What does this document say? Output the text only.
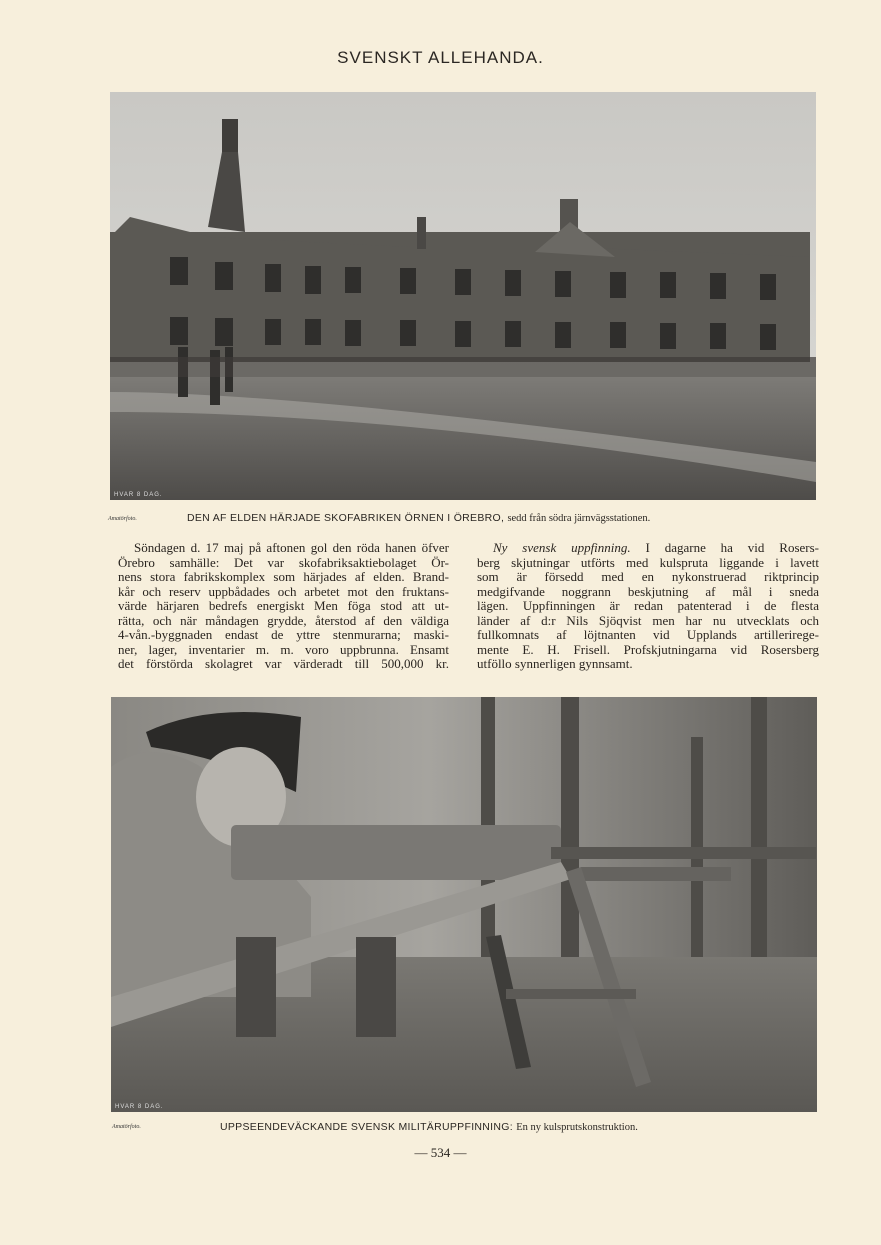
SVENSKT ALLEHANDA.
HVAR 8 DAG.
Amatörfoto.	DEN AF ELDEN HÄRJADE SKOFABRIKEN ÖRNEN I ÖREBRO, sedd från södra järnvägsstationen.
Söndagen d. 17 maj på aftonen gol den röda hanen öfver
Örebro samhälle: Det var skofabriksaktiebolaget Ör-
nens stora fabrikskomplex som härjades af elden. Brand-
kår och reserv uppbådades och arbetet mot den fruktans-
värde härjaren bedrefs energiskt Men föga stod att ut-
rätta, och när måndagen grydde, återstod af den väldiga
4-vån.-byggnaden endast de yttre stenmurarna; maski-
ner, lager, inventarier m. m. voro uppbrunna. Ensamt
det förstörda skolagret var värderadt till 500,000 kr.
Ny svensk uppfinning. I dagarne ha vid Rosers-
berg skjutningar utförts med kulspruta liggande i lavett
som är försedd med en nykonstruerad riktprincip
medgifvande noggrann beskjutning af mål i sneda
lägen. Uppfinningen är redan patenterad i de flesta
länder af d:r Nils Sjöqvist men har nu utvecklats och
fullkomnats af löjtnanten vid Upplands artilleriregе-
mente E. H. Frisell. Profskjutningarna vid Rosersberg
utföllo synnerligen gynnsamt.
HVAR 8 DAG.
Amatörfoto.	UPPSEENDEVÄCKANDE SVENSK MILITÄRUPPFINNING: En ny kulsprutskonstruktion.
— 534 —
